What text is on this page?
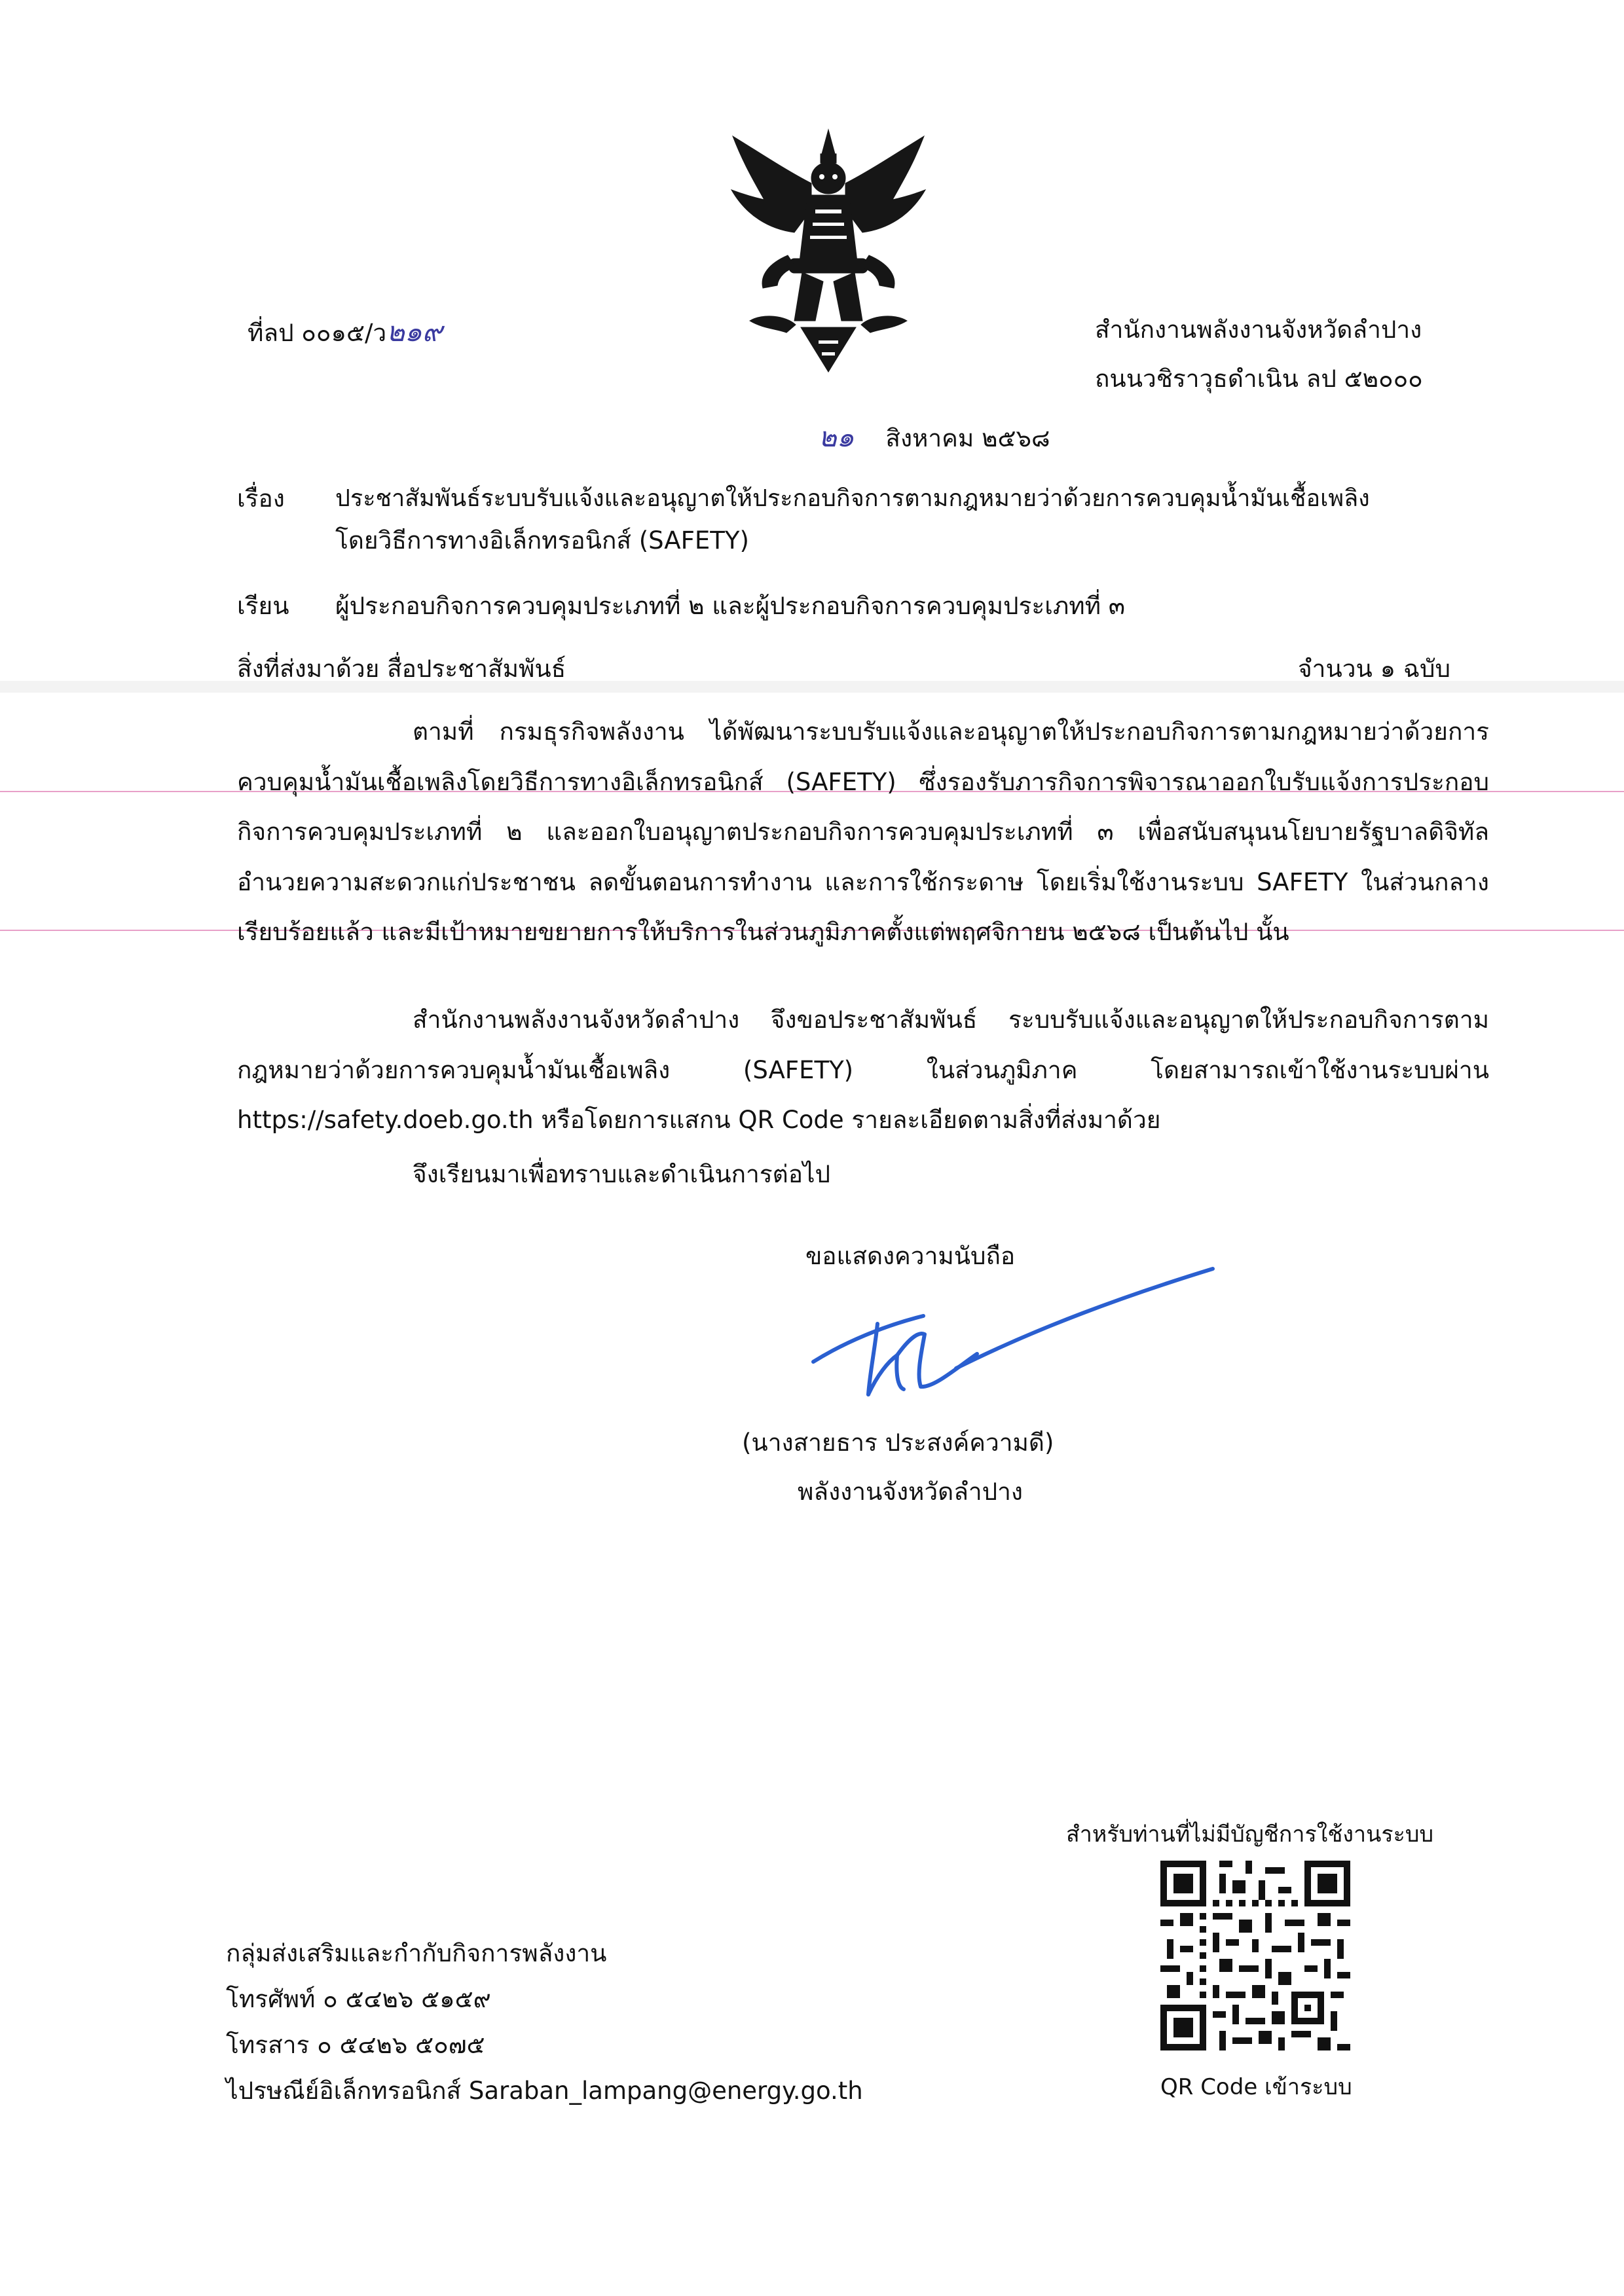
ที่ลป ๐๐๑๕/ว๒๑๙	สำนักงานพลังงานจังหวัดลำปาง
ถนนวชิราวุธดำเนิน ลป ๕๒๐๐๐
๒๑ สิงหาคม ๒๕๖๘
เรื่อง ประชาสัมพันธ์ระบบรับแจ้งและอนุญาตให้ประกอบกิจการตามกฎหมายว่าด้วยการควบคุมน้ำมันเชื้อเพลิง
โดยวิธีการทางอิเล็กทรอนิกส์ (SAFETY)
เรียน ผู้ประกอบกิจการควบคุมประเภทที่ ๒ และผู้ประกอบกิจการควบคุมประเภทที่ ๓
สิ่งที่ส่งมาด้วย สื่อประชาสัมพันธ์	จำนวน ๑ ฉบับ
ตามที่ กรมธุรกิจพลังงาน ได้พัฒนาระบบรับแจ้งและอนุญาตให้ประกอบกิจการตามกฎหมายว่าด้วยการควบคุมน้ำมันเชื้อเพลิงโดยวิธีการทางอิเล็กทรอนิกส์ (SAFETY) ซึ่งรองรับภารกิจการพิจารณาออกใบรับแจ้งการประกอบกิจการควบคุมประเภทที่ ๒ และออกใบอนุญาตประกอบกิจการควบคุมประเภทที่ ๓ เพื่อสนับสนุนนโยบายรัฐบาลดิจิทัล อำนวยความสะดวกแก่ประชาชน ลดขั้นตอนการทำงาน และการใช้กระดาษ โดยเริ่มใช้งานระบบ SAFETY ในส่วนกลางเรียบร้อยแล้ว และมีเป้าหมายขยายการให้บริการในส่วนภูมิภาคตั้งแต่พฤศจิกายน ๒๕๖๘ เป็นต้นไป นั้น
สำนักงานพลังงานจังหวัดลำปาง จึงขอประชาสัมพันธ์ ระบบรับแจ้งและอนุญาตให้ประกอบกิจการตามกฎหมายว่าด้วยการควบคุมน้ำมันเชื้อเพลิง (SAFETY) ในส่วนภูมิภาค โดยสามารถเข้าใช้งานระบบผ่าน https://safety.doeb.go.th หรือโดยการแสกน QR Code รายละเอียดตามสิ่งที่ส่งมาด้วย
จึงเรียนมาเพื่อทราบและดำเนินการต่อไป
ขอแสดงความนับถือ
(นางสายธาร ประสงค์ความดี)
พลังงานจังหวัดลำปาง
สำหรับท่านที่ไม่มีบัญชีการใช้งานระบบ
QR Code เข้าระบบ
กลุ่มส่งเสริมและกำกับกิจการพลังงาน
โทรศัพท์ ๐ ๕๔๒๖ ๕๑๕๙
โทรสาร ๐ ๕๔๒๖ ๕๐๗๕
ไปรษณีย์อิเล็กทรอนิกส์ Saraban_lampang@energy.go.th
